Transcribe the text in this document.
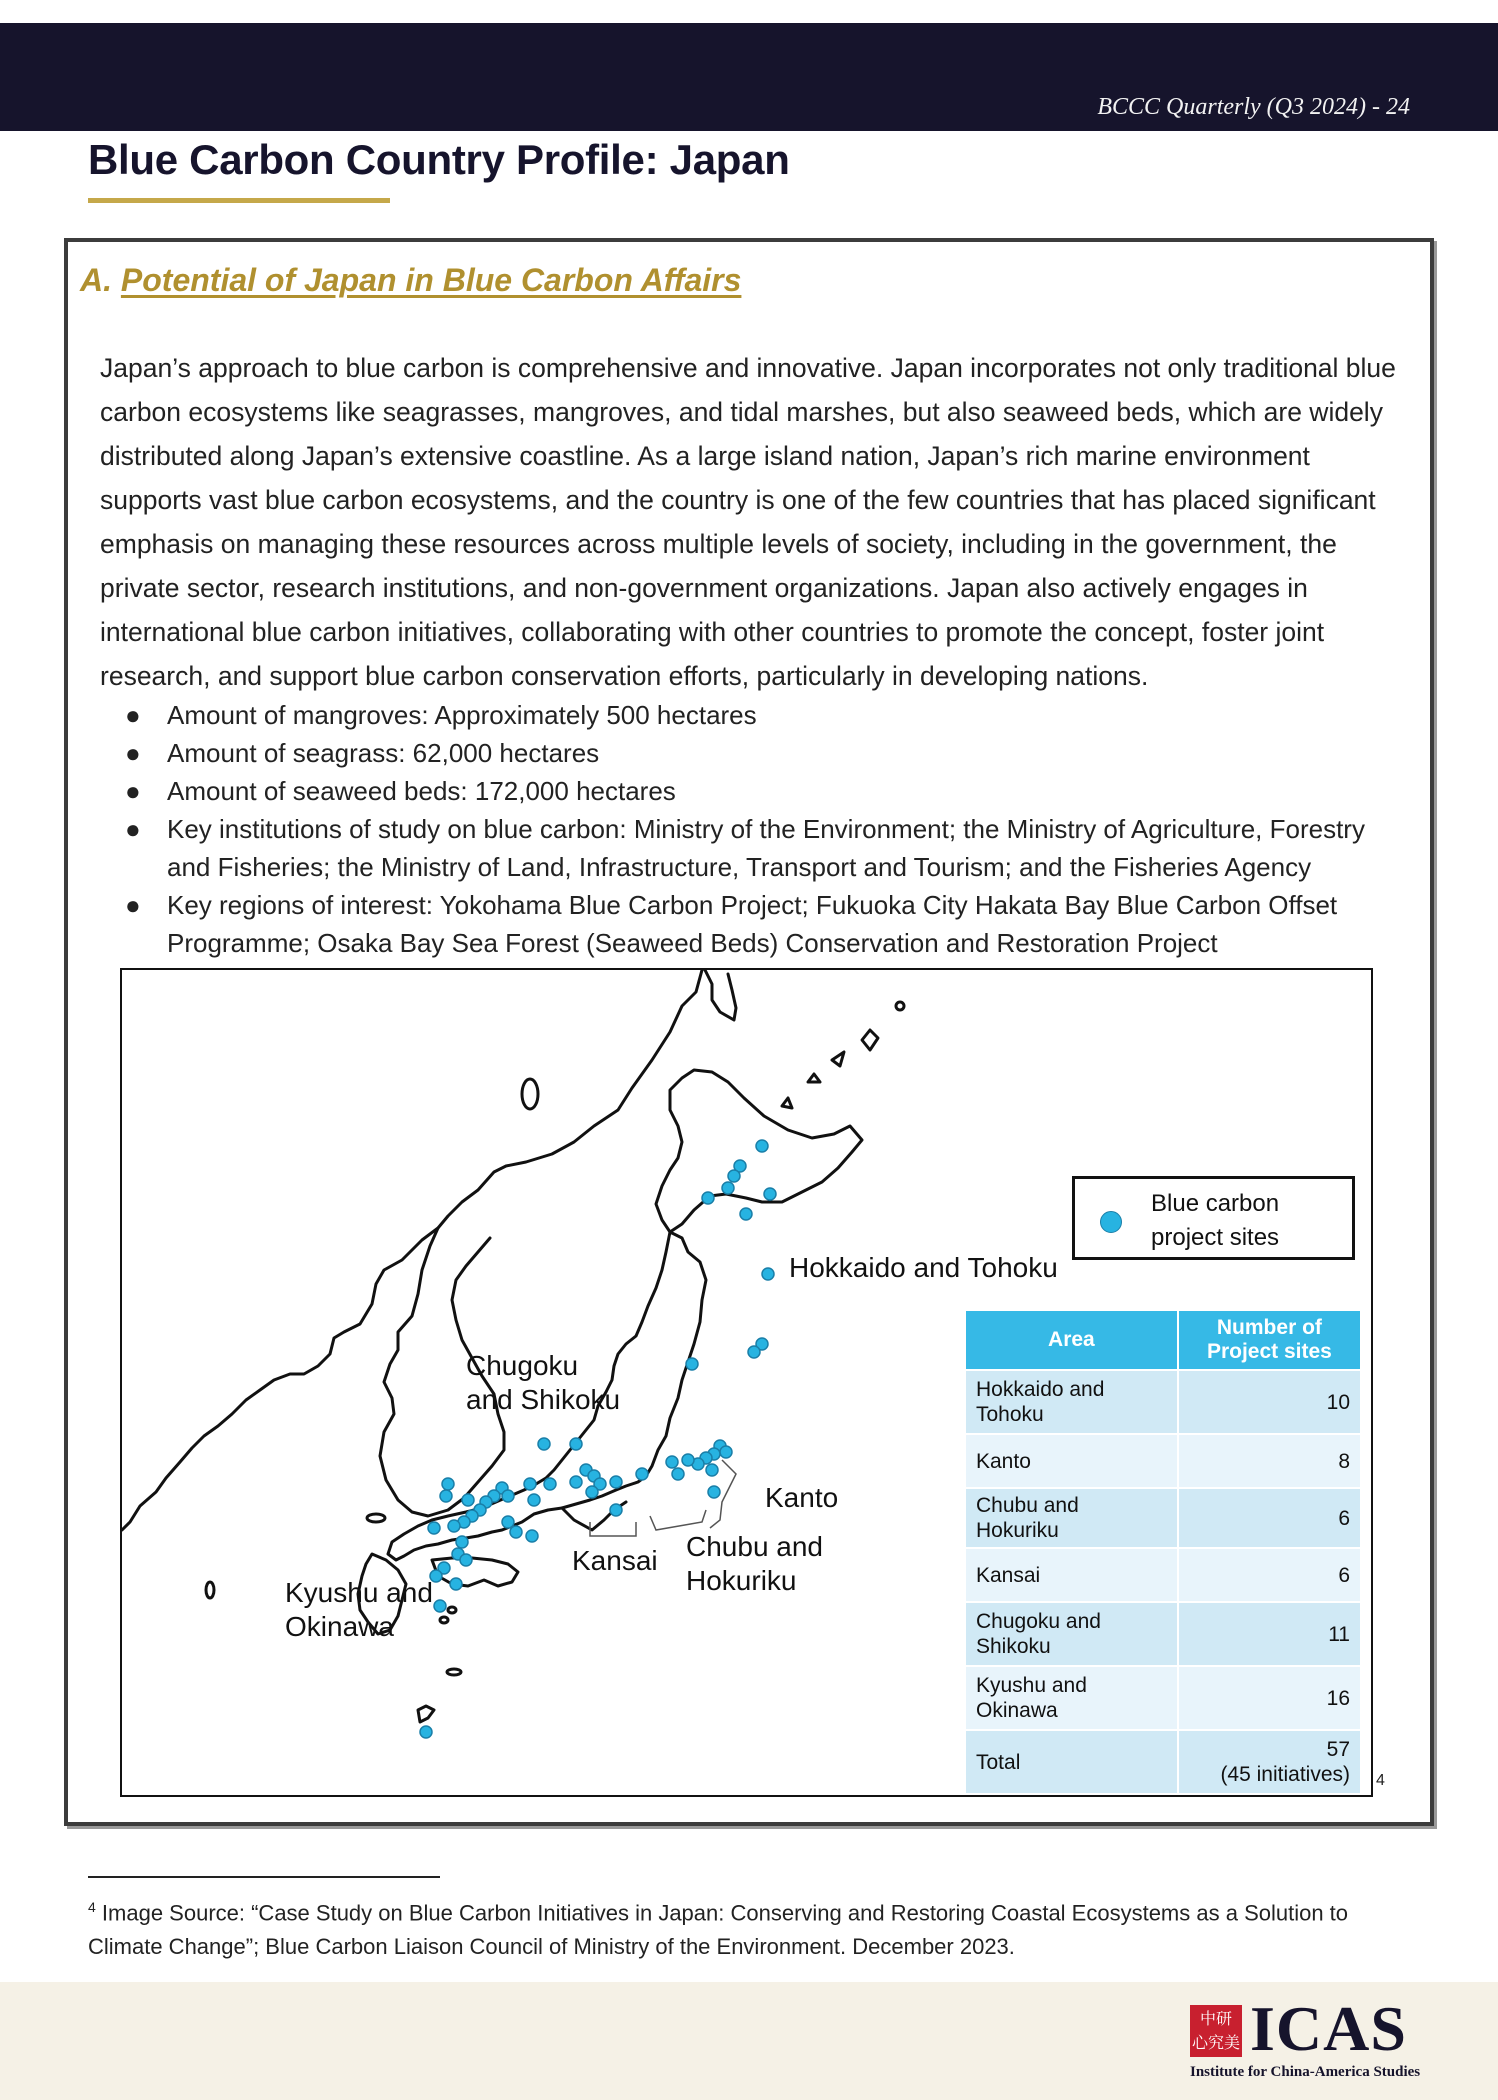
BCCC Quarterly (Q3 2024) - 24
Blue Carbon Country Profile: Japan
A. Potential of Japan in Blue Carbon Affairs

Japan’s approach to blue carbon is comprehensive and innovative. Japan incorporates not only traditional blue carbon ecosystems like seagrasses, mangroves, and tidal marshes, but also seaweed beds, which are widely distributed along Japan’s extensive coastline. As a large island nation, Japan’s rich marine environment supports vast blue carbon ecosystems, and the country is one of the few countries that has placed significant emphasis on managing these resources across multiple levels of society, including in the government, the private sector, research institutions, and non-government organizations. Japan also actively engages in international blue carbon initiatives, collaborating with other countries to promote the concept, foster joint research, and support blue carbon conservation efforts, particularly in developing nations.

● Amount of mangroves: Approximately 500 hectares
● Amount of seagrass: 62,000 hectares
● Amount of seaweed beds: 172,000 hectares
● Key institutions of study on blue carbon: Ministry of the Environment; the Ministry of Agriculture, Forestry and Fisheries; the Ministry of Land, Infrastructure, Transport and Tourism; and the Fisheries Agency
● Key regions of interest: Yokohama Blue Carbon Project; Fukuoka City Hakata Bay Blue Carbon Offset Programme; Osaka Bay Sea Forest (Seaweed Beds) Conservation and Restoration Project
Hokkaido and Tohoku
Chugoku and Shikoku
Kanto
Kansai Chubu and Hokuriku
Kyushu and Okinawa
Blue carbon project sites
Area	Number of Project sites
Hokkaido and Tohoku	10
Kanto	8
Chubu and Hokuriku	6
Kansai	6
Chugoku and Shikoku	11
Kyushu and Okinawa	16
Total	57
(45 initiatives) 4

$^4$ Image Source: “Case Study on Blue Carbon Initiatives in Japan: Conserving and Restoring Coastal Ecosystems as a Solution to Climate Change”; Blue Carbon Liaison Council of Ministry of the Environment. December 2023.

中研 心究美 ICAS
Institute for China-America Studies
